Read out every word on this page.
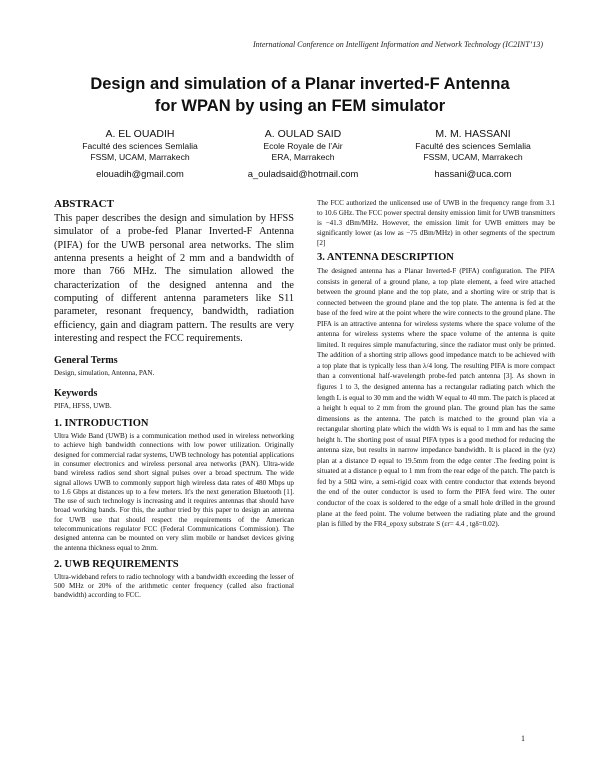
International Conference on Intelligent Information and Network Technology (IC2INT’13)
Design and simulation of a Planar inverted-F Antenna
for WPAN by using an FEM simulator
A. EL OUADIH
Faculté des sciences Semlalia
FSSM, UCAM, Marrakech
elouadih@gmail.com
A. OULAD SAID
Ecole Royale de l’Air
ERA, Marrakech
a_ouladsaid@hotmail.com
M. M. HASSANI
Faculté des sciences Semlalia
FSSM, UCAM, Marrakech
hassani@uca.com
ABSTRACT

This paper describes the design and simulation by HFSS simulator of a probe-fed Planar Inverted-F Antenna (PIFA) for the UWB personal area networks. The slim antenna presents a height of 2 mm and a bandwidth of more than 766 MHz. The simulation allowed the characterization of the designed antenna and the computing of different antenna parameters like S11 parameter, resonant frequency, bandwidth, radiation efficiency, gain and diagram pattern. The results are very interesting and respect the FCC requirements.

General Terms

Design, simulation, Antenna, PAN.

Keywords

PIFA, HFSS, UWB.

1. INTRODUCTION

Ultra Wide Band (UWB) is a communication method used in wireless networking to achieve high bandwidth connections with low power utilization. Originally designed for commercial radar systems, UWB technology has potential applications in consumer electronics and wireless personal area networks (PAN). Ultra-wide band wireless radios send short signal pulses over a broad spectrum. The wide signal allows UWB to commonly support high wireless data rates of 480 Mbps up to 1.6 Gbps at distances up to a few meters. It's the next generation Bluetooth [1]. The use of such technology is increasing and it requires antennas that should have broad working bands. For this, the author tried by this paper to design an antenna for UWB use that should respect the requirements of the American telecommunications regulator FCC (Federal Communications Commission). The designed antenna can be mounted on very slim mobile or handset devices giving the antenna thickness equal to 2mm.

2. UWB REQUIREMENTS

Ultra-wideband refers to radio technology with a bandwidth exceeding the lesser of 500 MHz or 20% of the arithmetic center frequency (called also fractional bandwidth) according to FCC.

The FCC authorized the unlicensed use of UWB in the frequency range from 3.1 to 10.6 GHz. The FCC power spectral density emission limit for UWB transmitters is −41.3 dBm/MHz. However, the emission limit for UWB emitters may be significantly lower (as low as −75 dBm/MHz) in other segments of the spectrum [2]

3. ANTENNA DESCRIPTION

The designed antenna has a Planar Inverted-F (PIFA) configuration. The PIFA consists in general of a ground plane, a top plate element, a feed wire attached between the ground plane and the top plate, and a shorting wire or strip that is connected between the ground plane and the top plate. The antenna is fed at the base of the feed wire at the point where the wire connects to the ground plane. The PIFA is an attractive antenna for wireless systems where the space volume of the antenna for wireless systems where the space volume of the antenna is quite limited. It requires simple manufacturing, since the radiator must only be printed. The addition of a shorting strip allows good impedance match to be achieved with a top plate that is typically less than λ/4 long. The resulting PIFA is more compact than a conventional half-wavelength probe-fed patch antenna [3]. As shown in figures 1 to 3, the designed antenna has a rectangular radiating patch which the length L is equal to 30 mm and the width W equal to 40 mm. The patch is placed at a height h equal to 2 mm from the ground plan. The ground plan has the same dimensions as the antenna. The patch is matched to the ground plan via a rectangular shorting plate which the width Ws is equal to 1 mm and has the same height h. The shorting post of usual PIFA types is a good method for reducing the antenna size, but results in narrow impedance bandwidth. It is placed in the (yz) plan at a distance D equal to 19.5mm from the edge center .The feeding point is situated at a distance p equal to 1 mm from the rear edge of the patch. The patch is fed by a 50Ω wire, a semi-rigid coax with centre conductor that extends beyond the end of the outer conductor is used to form the PIFA feed wire. The outer conductor of the coax is soldered to the edge of a small hole drilled in the ground plane at the feed point. The volume between the radiating plate and the ground plan is filled by the FR4_epoxy substrate S (εr= 4.4 , tgδ=0.02).

1
